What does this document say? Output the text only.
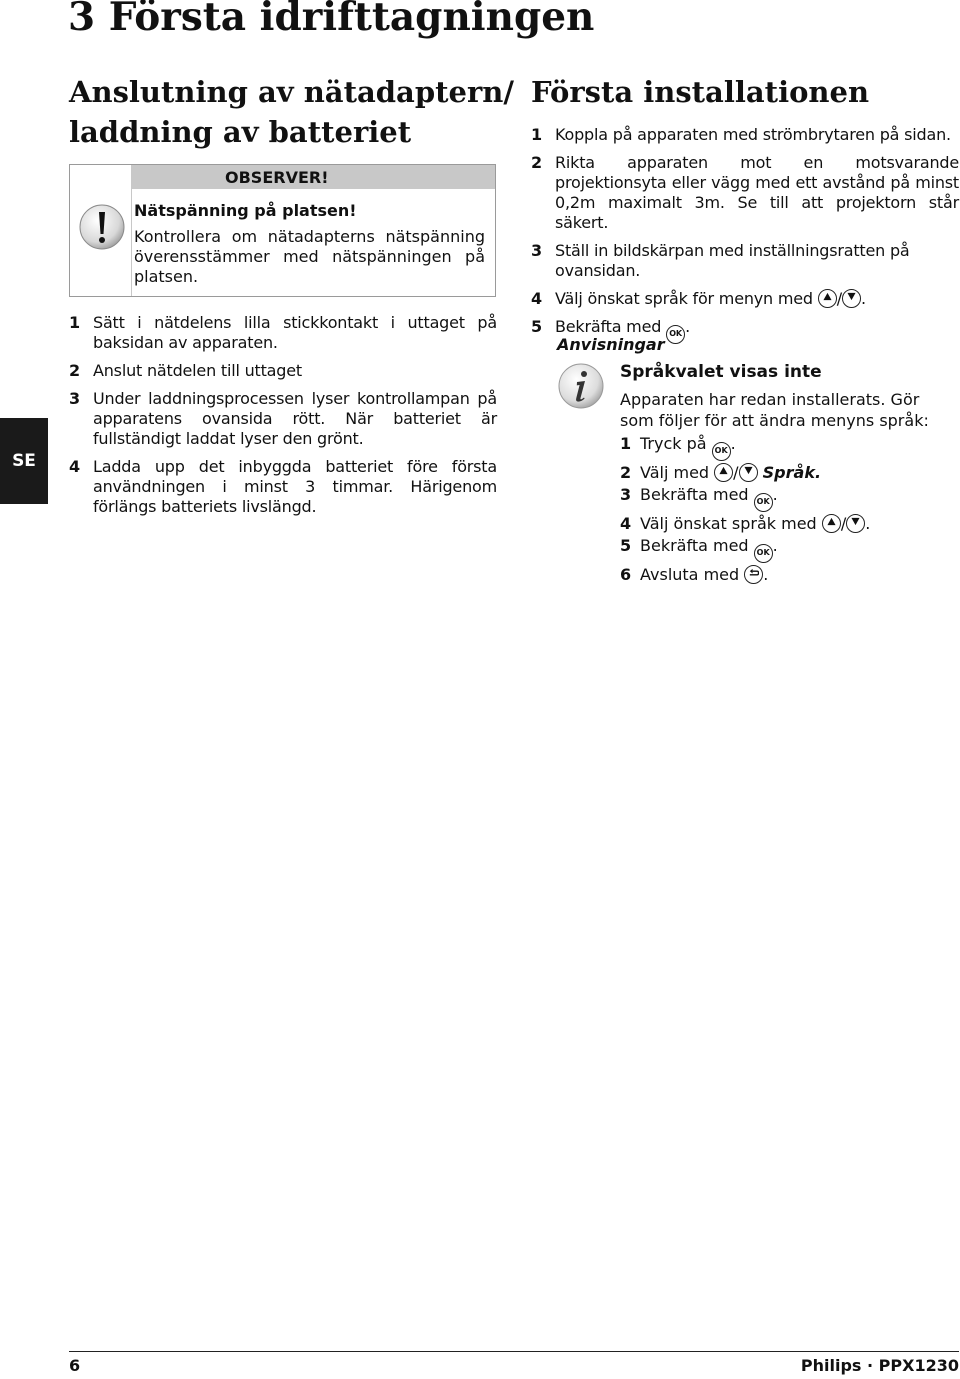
3 Första idrifttagningen
SE
Anslutning av nätadaptern/
laddning av batteriet
OBSERVER!
Nätspänning på platsen!
Kontrollera om nätadapterns nätspänning överensstämmer med nätspänningen på platsen.
1 Sätt i nätdelens lilla stickkontakt i uttaget på baksidan av apparaten.
2 Anslut nätdelen till uttaget
3 Under laddningsprocessen lyser kontrollampan på apparatens ovansida rött. När batteriet är fullständigt laddat lyser den grönt.
4 Ladda upp det inbyggda batteriet före första användningen i minst 3 timmar. Härigenom förlängs batteriets livslängd.
Första installationen
1 Koppla på apparaten med strömbrytaren på sidan.
2 Rikta apparaten mot en motsvarande projektionsyta eller vägg med ett avstånd på minst 0,2m maximalt 3m. Se till att projektorn står säkert.
3 Ställ in bildskärpan med inställningsratten på ovansidan.
4 Välj önskat språk för menyn med / .
5 Bekräfta med OK .
Anvisningar
Språkvalet visas inte
Apparaten har redan installerats. Gör som följer för att ändra menyns språk:
1 Tryck på OK .
2 Välj med / Språk.
3 Bekräfta med OK .
4 Välj önskat språk med / .
5 Bekräfta med OK .
6 Avsluta med .
6	Philips · PPX1230
